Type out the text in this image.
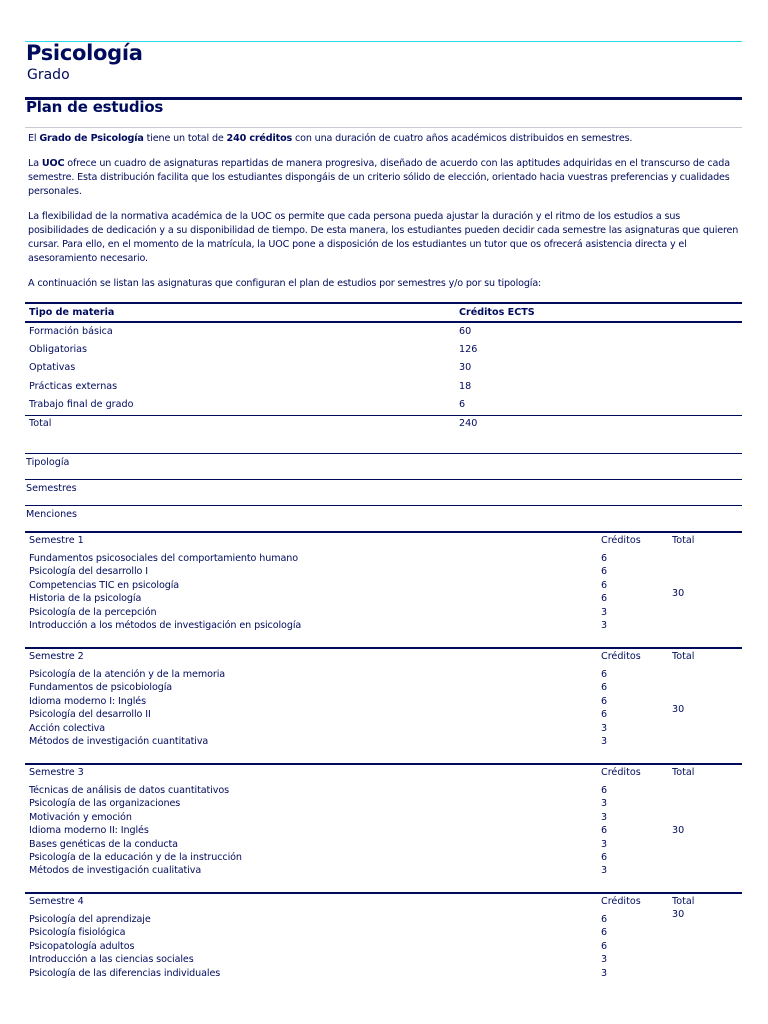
Psicología
Grado
Plan de estudios

El Grado de Psicología tiene un total de 240 créditos con una duración de cuatro años académicos distribuidos en semestres.

La UOC ofrece un cuadro de asignaturas repartidas de manera progresiva, diseñado de acuerdo con las aptitudes adquiridas en el transcurso de cada semestre. Esta distribución facilita que los estudiantes dispongáis de un criterio sólido de elección, orientado hacia vuestras preferencias y cualidades personales.

La flexibilidad de la normativa académica de la UOC os permite que cada persona pueda ajustar la duración y el ritmo de los estudios a sus posibilidades de dedicación y a su disponibilidad de tiempo. De esta manera, los estudiantes pueden decidir cada semestre las asignaturas que quieren cursar. Para ello, en el momento de la matrícula, la UOC pone a disposición de los estudiantes un tutor que os ofrecerá asistencia directa y el asesoramiento necesario.

A continuación se listan las asignaturas que configuran el plan de estudios por semestres y/o por su tipología:

Tipo de materia	Créditos ECTS
Formación básica	60
Obligatorias	126
Optativas	30
Prácticas externas	18
Trabajo final de grado	6
Total	240
Tipología
Semestres
Menciones
Semestre 1	Créditos	Total
Fundamentos psicosociales del comportamiento humano	6
Psicología del desarrollo I	6
Competencias TIC en psicología	6
Historia de la psicología	6
Psicología de la percepción	3
Introducción a los métodos de investigación en psicología	3
30
Semestre 2	Créditos	Total
Psicología de la atención y de la memoria	6
Fundamentos de psicobiología	6
Idioma moderno I: Inglés	6
Psicología del desarrollo II	6
Acción colectiva	3
Métodos de investigación cuantitativa	3
30
Semestre 3	Créditos	Total
Técnicas de análisis de datos cuantitativos	6
Psicología de las organizaciones	3
Motivación y emoción	3
Idioma moderno II: Inglés	6
Bases genéticas de la conducta	3
Psicología de la educación y de la instrucción	6
Métodos de investigación cualitativa	3
30
Semestre 4	Créditos	Total
Psicología del aprendizaje	6
Psicología fisiológica	6
Psicopatología adultos	6
Introducción a las ciencias sociales	3
Psicología de las diferencias individuales	3
30
